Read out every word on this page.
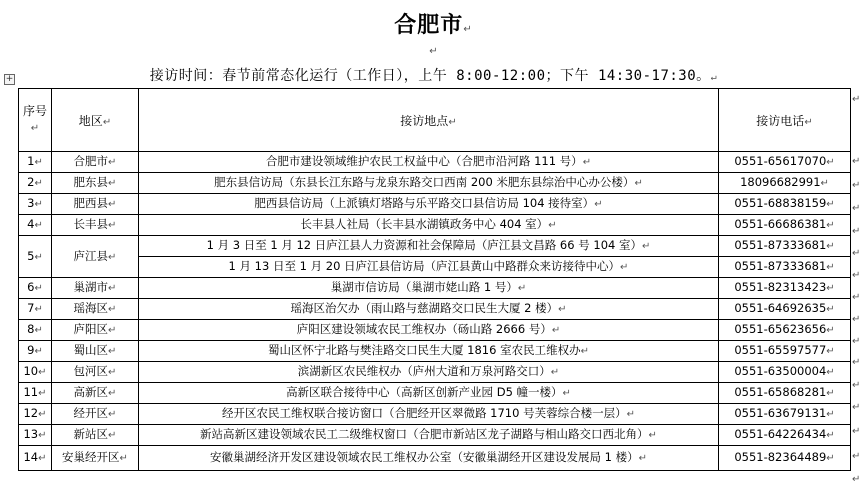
合肥市↵
↵
接访时间：春节前常态化运行（工作日），上午 8:00-12:00；下午 14:30-17:30。↵
+
序号↵	地区↵	接访地点↵	接访电话↵
1↵	合肥市↵	合肥市建设领域维护农民工权益中心（合肥市沿河路 111 号）↵	0551-65617070↵
2↵	肥东县↵	肥东县信访局（东县长江东路与龙泉东路交口西南 200 米肥东县综治中心办公楼）↵	18096682991↵
3↵	肥西县↵	肥西县信访局（上派镇灯塔路与乐平路交口县信访局 104 接待室）↵	0551-68838159↵
4↵	长丰县↵	长丰县人社局（长丰县水湖镇政务中心 404 室）↵	0551-66686381↵
5↵	庐江县↵	1 月 3 日至 1 月 12 日庐江县人力资源和社会保障局（庐江县文昌路 66 号 104 室）↵	0551-87333681↵
		1 月 13 日至 1 月 20 日庐江县信访局（庐江县黄山中路群众来访接待中心）↵	0551-87333681↵
6↵	巢湖市↵	巢湖市信访局（巢湖市姥山路 1 号）↵	0551-82313423↵
7↵	瑶海区↵	瑶海区治欠办（雨山路与慈湖路交口民生大厦 2 楼）↵	0551-64692635↵
8↵	庐阳区↵	庐阳区建设领域农民工维权办（砀山路 2666 号）↵	0551-65623656↵
9↵	蜀山区↵	蜀山区怀宁北路与樊洼路交口民生大厦 1816 室农民工维权办↵	0551-65597577↵
10↵	包河区↵	滨湖新区农民维权办（庐州大道和万泉河路交口）↵	0551-63500004↵
11↵	高新区↵	高新区联合接待中心（高新区创新产业园 D5 幢一楼）↵	0551-65868281↵
12↵	经开区↵	经开区农民工维权联合接访窗口（合肥经开区翠微路 1710 号芙蓉综合楼一层）↵	0551-63679131↵
13↵	新站区↵	新站高新区建设领域农民工二级维权窗口（合肥市新站区龙子湖路与相山路交口西北角）↵	0551-64226434↵
14↵	安巢经开区↵	安徽巢湖经济开发区建设领域农民工维权办公室（安徽巢湖经开区建设发展局 1 楼）↵	0551-82364489↵
↵
↵
↵
↵
↵
↵
↵
↵
↵
↵
↵
↵
↵
↵
↵
↵
